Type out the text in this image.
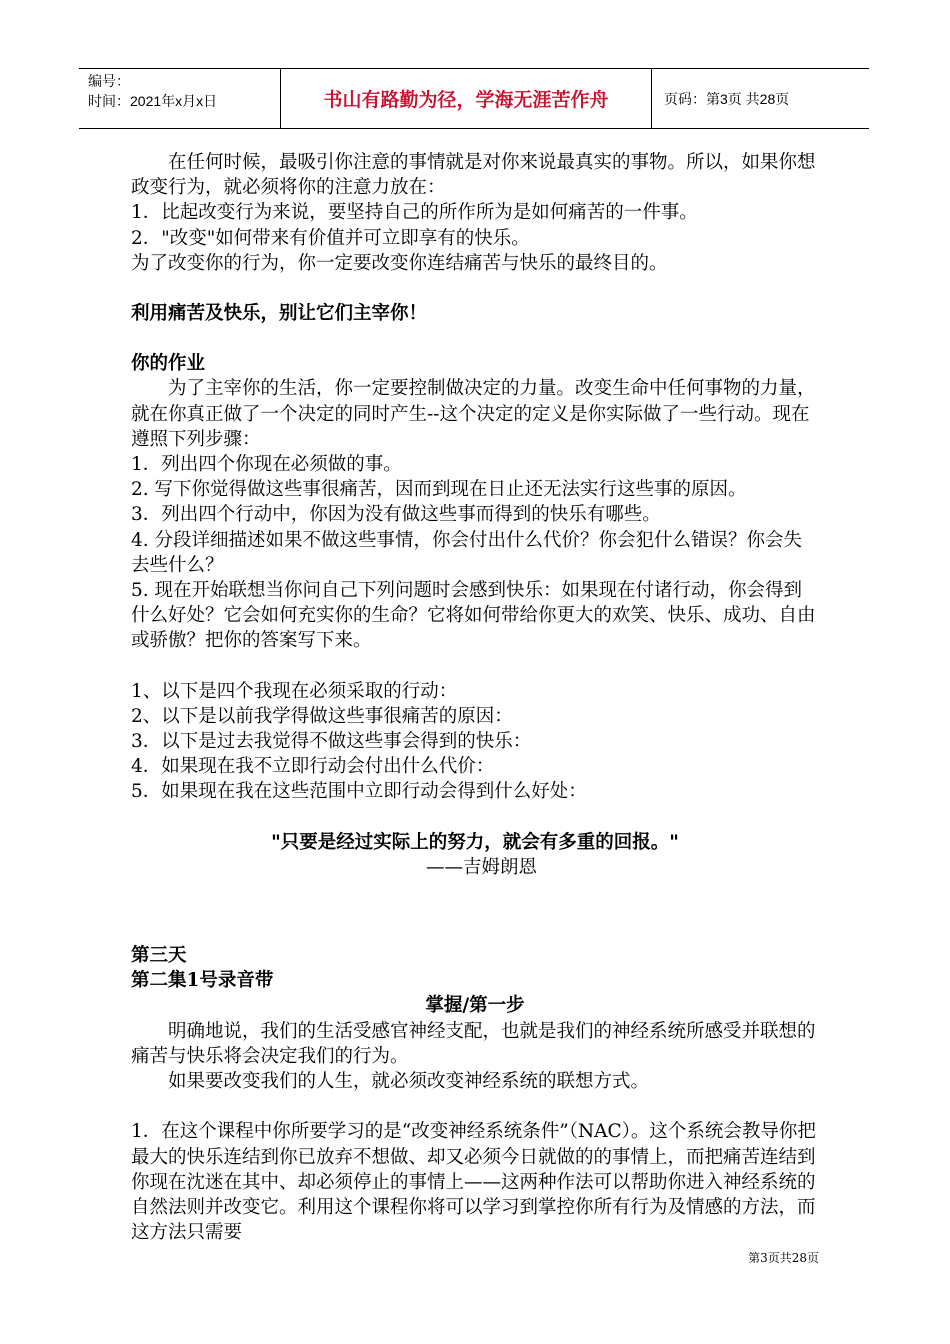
编号：
时间：2021年x月x日	书山有路勤为径，学海无涯苦作舟	页码：第3页 共28页

在任何时候，最吸引你注意的事情就是对你来说最真实的事物。所以，如果你想政变行为，就必须将你的注意力放在：

1．比起改变行为来说，要坚持自己的所作所为是如何痛苦的一件事。

2．"改变"如何带来有价值并可立即享有的快乐。

为了改变你的行为，你一定要改变你连结痛苦与快乐的最终目的。

利用痛苦及快乐，别让它们主宰你！

你的作业

为了主宰你的生活，你一定要控制做决定的力量。改变生命中任何事物的力量，就在你真正做了一个决定的同时产生--这个决定的定义是你实际做了一些行动。现在遵照下列步骤：

1．列出四个你现在必须做的事。

2. 写下你觉得做这些事很痛苦，因而到现在日止还无法实行这些事的原因。

3．列出四个行动中，你因为没有做这些事而得到的快乐有哪些。

4. 分段详细描述如果不做这些事情，你会付出什么代价？你会犯什么错误？你会失去些什么？

5. 现在开始联想当你问自己下列问题时会感到快乐：如果现在付诸行动，你会得到什么好处？它会如何充实你的生命？它将如何带给你更大的欢笑、快乐、成功、自由或骄傲？把你的答案写下来。

1、以下是四个我现在必须采取的行动：

2、以下是以前我学得做这些事很痛苦的原因：

3．以下是过去我觉得不做这些事会得到的快乐：

4．如果现在我不立即行动会付出什么代价：

5．如果现在我在这些范围中立即行动会得到什么好处：

"只要是经过实际上的努力，就会有多重的回报。"

——吉姆朗恩

第三天

第二集1号录音带

掌握/第一步

明确地说，我们的生活受感官神经支配，也就是我们的神经系统所感受并联想的痛苦与快乐将会决定我们的行为。

如果要改变我们的人生，就必须改变神经系统的联想方式。

1．在这个课程中你所要学习的是“改变神经系统条件”（NAC）。这个系统会教导你把最大的快乐连结到你已放弃不想做、却又必须今日就做的的事情上，而把痛苦连结到你现在沈迷在其中、却必须停止的事情上——这两种作法可以帮助你进入神经系统的自然法则并改变它。利用这个课程你将可以学习到掌控你所有行为及情感的方法，而这方法只需要

第3页共28页
